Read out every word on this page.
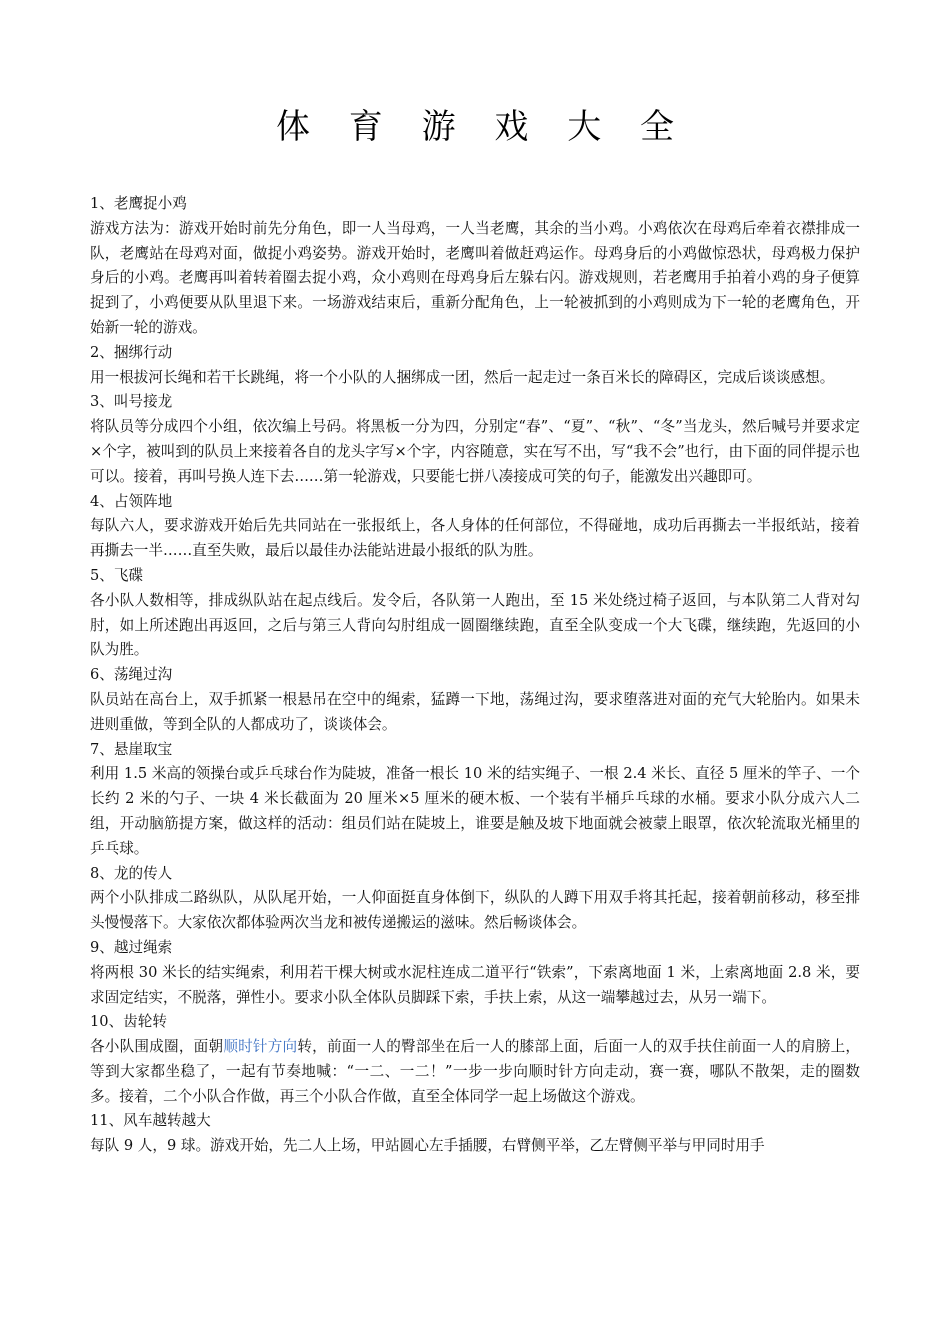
体 育 游 戏 大 全

1、老鹰捉小鸡

游戏方法为：游戏开始时前先分角色，即一人当母鸡，一人当老鹰，其余的当小鸡。小鸡依次在母鸡后牵着衣襟排成一队，老鹰站在母鸡对面，做捉小鸡姿势。游戏开始时，老鹰叫着做赶鸡运作。母鸡身后的小鸡做惊恐状，母鸡极力保护身后的小鸡。老鹰再叫着转着圈去捉小鸡，众小鸡则在母鸡身后左躲右闪。游戏规则，若老鹰用手拍着小鸡的身子便算捉到了，小鸡便要从队里退下来。一场游戏结束后，重新分配角色，上一轮被抓到的小鸡则成为下一轮的老鹰角色，开始新一轮的游戏。

2、捆绑行动

用一根拔河长绳和若干长跳绳，将一个小队的人捆绑成一团，然后一起走过一条百米长的障碍区，完成后谈谈感想。

3、叫号接龙

将队员等分成四个小组，依次编上号码。将黑板一分为四，分别定“春”、“夏”、“秋”、“冬”当龙头，然后喊号并要求定×个字，被叫到的队员上来接着各自的龙头字写×个字，内容随意，实在写不出，写“我不会”也行，由下面的同伴提示也可以。接着，再叫号换人连下去……第一轮游戏，只要能七拼八凑接成可笑的句子，能激发出兴趣即可。

4、占领阵地

每队六人，要求游戏开始后先共同站在一张报纸上，各人身体的任何部位，不得碰地，成功后再撕去一半报纸站，接着再撕去一半……直至失败，最后以最佳办法能站进最小报纸的队为胜。

5、飞碟

各小队人数相等，排成纵队站在起点线后。发令后，各队第一人跑出，至 15 米处绕过椅子返回，与本队第二人背对勾肘，如上所述跑出再返回，之后与第三人背向勾肘组成一圆圈继续跑，直至全队变成一个大飞碟，继续跑，先返回的小队为胜。

6、荡绳过沟

队员站在高台上，双手抓紧一根悬吊在空中的绳索，猛蹲一下地，荡绳过沟，要求堕落进对面的充气大轮胎内。如果未进则重做，等到全队的人都成功了，谈谈体会。

7、悬崖取宝

利用 1.5 米高的领操台或乒乓球台作为陡坡，准备一根长 10 米的结实绳子、一根 2.4 米长、直径 5 厘米的竿子、一个长约 2 米的勺子、一块 4 米长截面为 20 厘米×5 厘米的硬木板、一个装有半桶乒乓球的水桶。要求小队分成六人二组，开动脑筋提方案，做这样的活动：组员们站在陡坡上，谁要是触及坡下地面就会被蒙上眼罩，依次轮流取光桶里的乒乓球。

8、龙的传人

两个小队排成二路纵队，从队尾开始，一人仰面挺直身体倒下，纵队的人蹲下用双手将其托起，接着朝前移动，移至排头慢慢落下。大家依次都体验两次当龙和被传递搬运的滋味。然后畅谈体会。

9、越过绳索

将两根 30 米长的结实绳索，利用若干棵大树或水泥柱连成二道平行“铁索”，下索离地面 1 米，上索离地面 2.8 米，要求固定结实，不脱落，弹性小。要求小队全体队员脚踩下索，手扶上索，从这一端攀越过去，从另一端下。

10、齿轮转

各小队围成圈，面朝顺时针方向转，前面一人的臀部坐在后一人的膝部上面，后面一人的双手扶住前面一人的肩膀上，等到大家都坐稳了，一起有节奏地喊：“一二、一二！”一步一步向顺时针方向走动，赛一赛，哪队不散架，走的圈数多。接着，二个小队合作做，再三个小队合作做，直至全体同学一起上场做这个游戏。

11、风车越转越大

每队 9 人，9 球。游戏开始，先二人上场，甲站圆心左手插腰，右臂侧平举，乙左臂侧平举与甲同时用手
